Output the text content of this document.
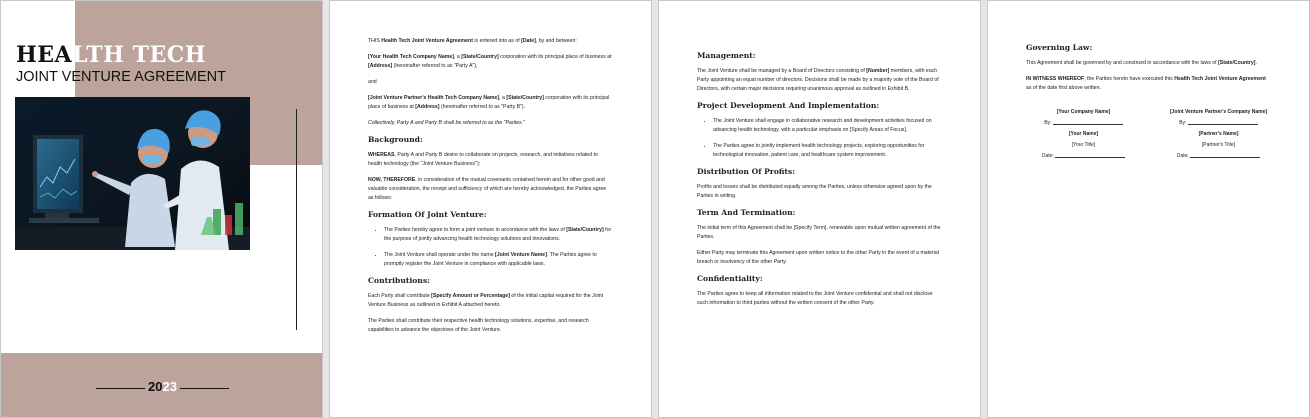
HEALTH TECH
JOINT VENTURE AGREEMENT
2023

THIS Health Tech Joint Venture Agreement is entered into as of [Date], by and between:

[Your Health Tech Company Name], a [State/Country] corporation with its principal place of business at [Address] (hereinafter referred to as "Party A"),

and

[Joint Venture Partner's Health Tech Company Name], a [State/Country] corporation with its principal place of business at [Address] (hereinafter referred to as "Party B").

Collectively, Party A and Party B shall be referred to as the "Parties."

Background:

WHEREAS, Party A and Party B desire to collaborate on projects, research, and initiatives related to health technology (the "Joint Venture Business");

NOW, THEREFORE, in consideration of the mutual covenants contained herein and for other good and valuable consideration, the receipt and sufficiency of which are hereby acknowledged, the Parties agree as follows:

Formation Of Joint Venture:
• The Parties hereby agree to form a joint venture in accordance with the laws of [State/Country] for the purpose of jointly advancing health technology solutions and innovations.
• The Joint Venture shall operate under the name [Joint Venture Name]. The Parties agree to promptly register the Joint Venture in compliance with applicable laws.
Contributions:

Each Party shall contribute [Specify Amount or Percentage] of the initial capital required for the Joint Venture Business as outlined in Exhibit A attached hereto.

The Parties shall contribute their respective health technology solutions, expertise, and research capabilities to advance the objectives of the Joint Venture.

Management:

The Joint Venture shall be managed by a Board of Directors consisting of [Number] members, with each Party appointing an equal number of directors. Decisions shall be made by a majority vote of the Board of Directors, with certain major decisions requiring unanimous approval as outlined in Exhibit B.

Project Development And Implementation:
• The Joint Venture shall engage in collaborative research and development activities focused on advancing health technology, with a particular emphasis on [Specify Areas of Focus].
• The Parties agree to jointly implement health technology projects, exploring opportunities for technological innovation, patient care, and healthcare system improvement.
Distribution Of Profits:

Profits and losses shall be distributed equally among the Parties, unless otherwise agreed upon by the Parties in writing.

Term And Termination:

The initial term of this Agreement shall be [Specify Term], renewable upon mutual written agreement of the Parties.

Either Party may terminate this Agreement upon written notice to the other Party in the event of a material breach or insolvency of the other Party.

Confidentiality:

The Parties agree to keep all information related to the Joint Venture confidential and shall not disclose such information to third parties without the written consent of the other Party.

Governing Law:

This Agreement shall be governed by and construed in accordance with the laws of [State/Country].

IN WITNESS WHEREOF, the Parties hereto have executed this Health Tech Joint Venture Agreement as of the date first above written.

[Your Company Name]
By:
[Your Name]
[Your Title]
Date:
[Joint Venture Partner's Company Name]
By:
[Partner's Name]
[Partner's Title]
Date:
